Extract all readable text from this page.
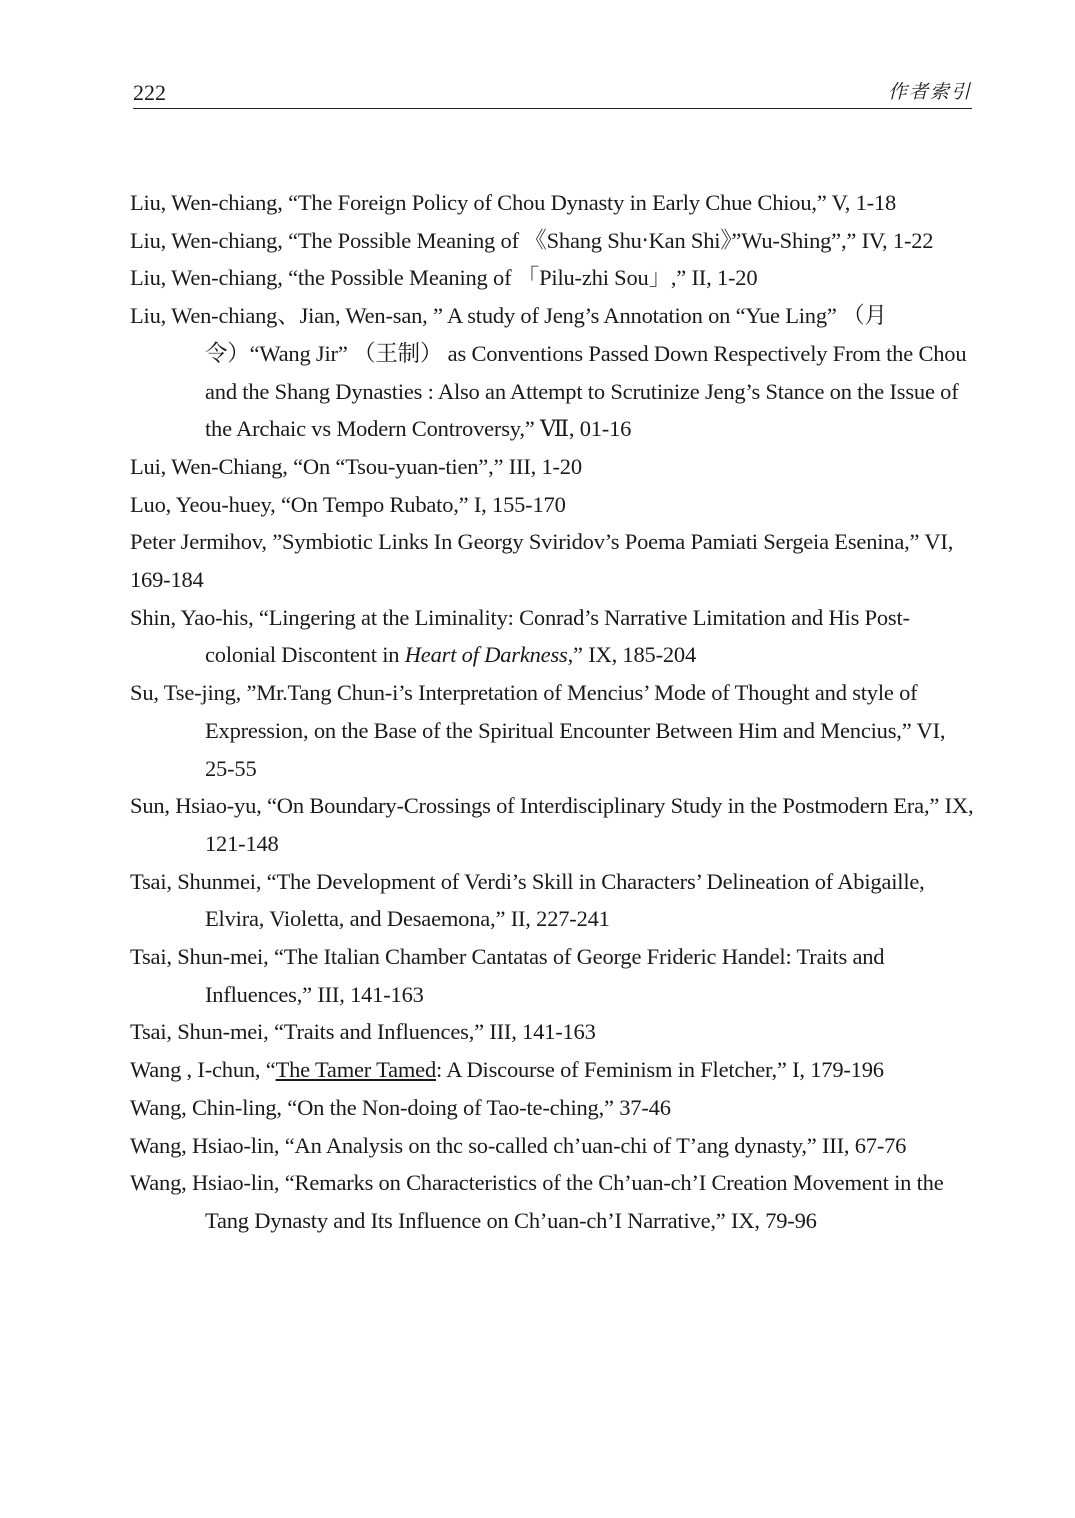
222	作者索引
Liu, Wen-chiang, “The Foreign Policy of Chou Dynasty in Early Chue Chiou,” V, 1-18
Liu, Wen-chiang, “The Possible Meaning of 《Shang Shu‧Kan Shi》”Wu-Shing”,” IV, 1-22
Liu, Wen-chiang, “the Possible Meaning of 「Pilu-zhi Sou」,” II, 1-20
Liu, Wen-chiang、Jian, Wen-san, ” A study of Jeng’s Annotation on “Yue Ling” （月令）“Wang Jir” （王制） as Conventions Passed Down Respectively From the Chou and the Shang Dynasties : Also an Attempt to Scrutinize Jeng’s Stance on the Issue of the Archaic vs Modern Controversy,” Ⅶ, 01-16
Lui, Wen-Chiang, “On “Tsou-yuan-tien”,” III, 1-20
Luo, Yeou-huey, “On Tempo Rubato,” I, 155-170
Peter Jermihov, ”Symbiotic Links In Georgy Sviridov’s Poema Pamiati Sergeia Esenina,” VI, 169-184
Shin, Yao-his, “Lingering at the Liminality: Conrad’s Narrative Limitation and His Post-colonial Discontent in Heart of Darkness,” IX, 185-204
Su, Tse-jing, ”Mr.Tang Chun-i’s Interpretation of Mencius’ Mode of Thought and style of Expression, on the Base of the Spiritual Encounter Between Him and Mencius,” VI, 25-55
Sun, Hsiao-yu, “On Boundary-Crossings of Interdisciplinary Study in the Postmodern Era,” IX, 121-148
Tsai, Shunmei, “The Development of Verdi’s Skill in Characters’ Delineation of Abigaille, Elvira, Violetta, and Desaemona,” II, 227-241
Tsai, Shun-mei, “The Italian Chamber Cantatas of George Frideric Handel: Traits and Influences,” III, 141-163
Tsai, Shun-mei, “Traits and Influences,” III, 141-163
Wang , I-chun, “The Tamer Tamed: A Discourse of Feminism in Fletcher,” I, 179-196
Wang, Chin-ling, “On the Non-doing of Tao-te-ching,” 37-46
Wang, Hsiao-lin, “An Analysis on thc so-called ch’uan-chi of T’ang dynasty,” III, 67-76
Wang, Hsiao-lin, “Remarks on Characteristics of the Ch’uan-ch’I Creation Movement in the Tang Dynasty and Its Influence on Ch’uan-ch’I Narrative,” IX, 79-96
